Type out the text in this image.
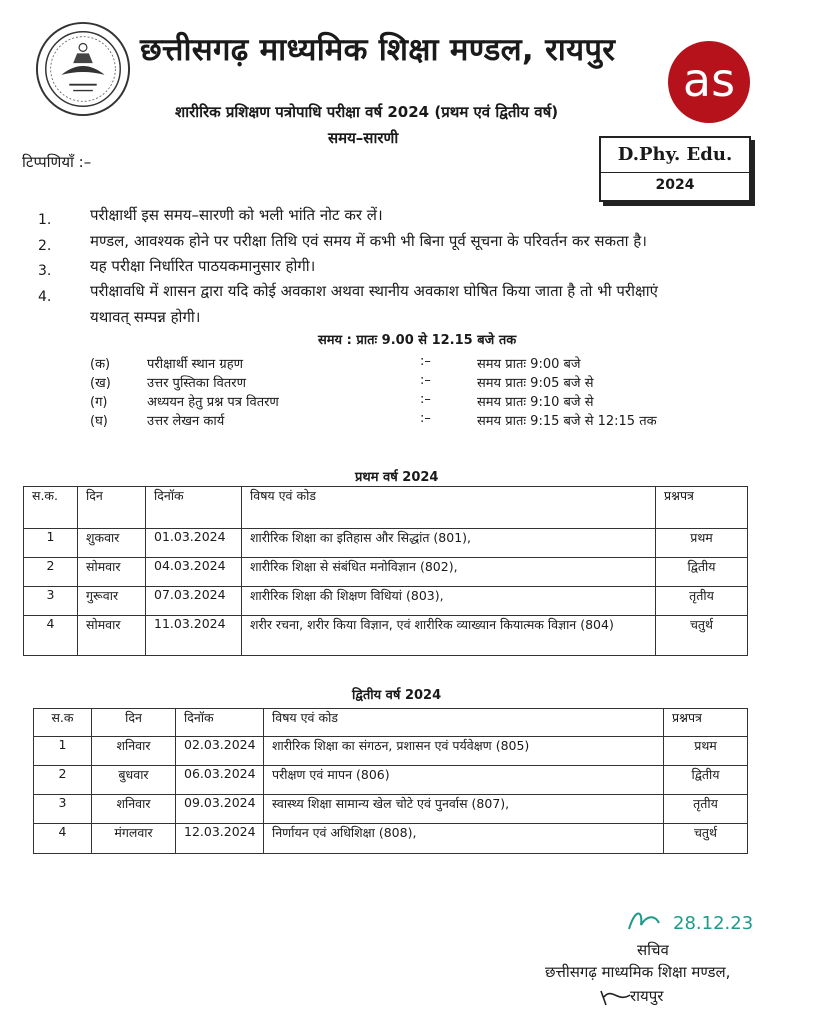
छत्तीसगढ़ माध्यमिक शिक्षा मण्डल, रायपुर
as
शारीरिक प्रशिक्षण पत्रोपाधि परीक्षा वर्ष 2024 (प्रथम एवं द्वितीय वर्ष)
समय–सारणी
टिप्पणियाँ :–	D.Phy. Edu.
2024
1.	परीक्षार्थी इस समय–सारणी को भली भांति नोट कर लें।
2.	मण्डल, आवश्यक होने पर परीक्षा तिथि एवं समय में कभी भी बिना पूर्व सूचना के परिवर्तन कर सकता है।
3.	यह परीक्षा निर्धारित पाठयकमानुसार होगी।
4.	परीक्षावधि में शासन द्वारा यदि कोई अवकाश अथवा स्थानीय अवकाश घोषित किया जाता है तो भी परीक्षाएं
यथावत् सम्पन्न होगी।
समय : प्रातः 9.00 से 12.15 बजे तक
(क)	परीक्षार्थी स्थान ग्रहण	:–	समय प्रातः 9:00 बजे
(ख)	उत्तर पुस्तिका वितरण	:–	समय प्रातः 9:05 बजे से
(ग)	अध्ययन हेतु प्रश्न पत्र वितरण	:–	समय प्रातः 9:10 बजे से
(घ)	उत्तर लेखन कार्य	:–	समय प्रातः 9:15 बजे से 12:15 तक
प्रथम वर्ष 2024
स.क.	दिन	दिनॉक	विषय एवं कोड	प्रश्नपत्र
1	शुकवार	01.03.2024	शारीरिक शिक्षा का इतिहास और सिद्धांत (801),	प्रथम
2	सोमवार	04.03.2024	शारीरिक शिक्षा से संबंधित मनोविज्ञान (802),	द्वितीय
3	गुरूवार	07.03.2024	शारीरिक शिक्षा की शिक्षण विधियां (803),	तृतीय
4	सोमवार	11.03.2024	शरीर रचना, शरीर किया विज्ञान, एवं शारीरिक व्याख्यान कियात्मक विज्ञान (804)	चतुर्थ
द्वितीय वर्ष 2024
स.क	दिन	दिनॉक	विषय एवं कोड	प्रश्नपत्र
1	शनिवार	02.03.2024	शारीरिक शिक्षा का संगठन, प्रशासन एवं पर्यवेक्षण (805)	प्रथम
2	बुधवार	06.03.2024	परीक्षण एवं मापन (806)	द्वितीय
3	शनिवार	09.03.2024	स्वास्थ्य शिक्षा सामान्य खेल चोटे एवं पुनर्वास (807),	तृतीय
4	मंगलवार	12.03.2024	निर्णायन एवं अधिशिक्षा (808),	चतुर्थ
28.12.23
सचिव
छत्तीसगढ़ माध्यमिक शिक्षा मण्डल,
रायपुर
